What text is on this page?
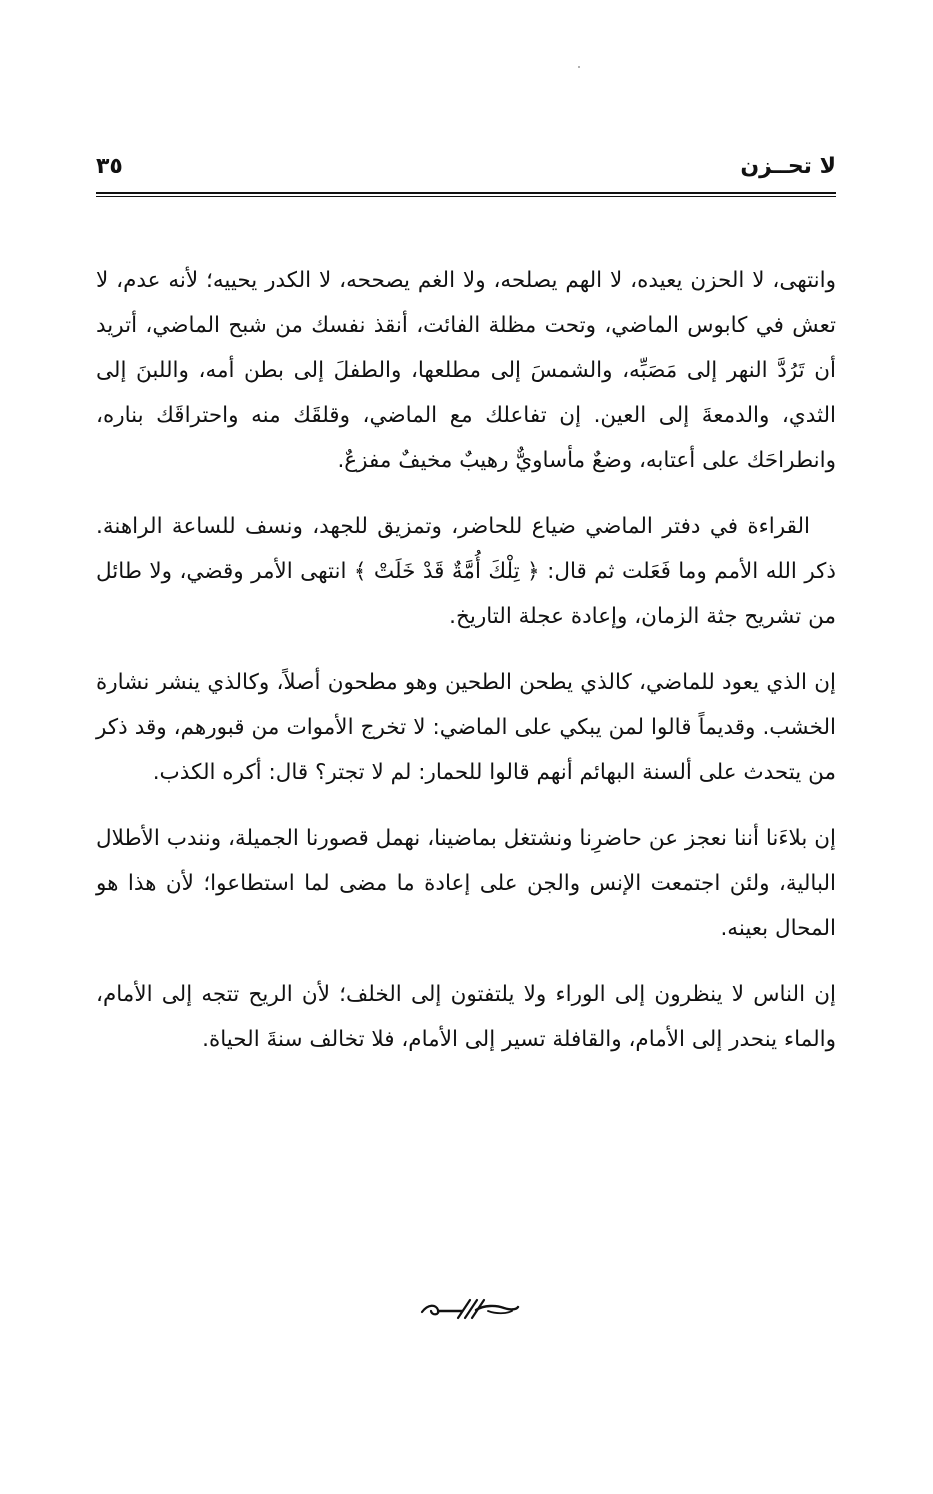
لا تحــزن
٣٥

وانتهى، لا الحزن يعيده، لا الهم يصلحه، ولا الغم يصححه، لا الكدر يحييه؛ لأنه عدم، لا تعش في كابوس الماضي، وتحت مظلة الفائت، أنقذ نفسك من شبح الماضي، أتريد أن تَرُدَّ النهر إلى مَصَبِّه، والشمسَ إلى مطلعها، والطفلَ إلى بطن أمه، واللبنَ إلى الثدي، والدمعةَ إلى العين. إن تفاعلك مع الماضي، وقلقَك منه واحتراقَك بناره، وانطراحَك على أعتابه، وضعٌ مأساويٌّ رهيبٌ مخيفٌ مفزعٌ.

القراءة في دفتر الماضي ضياع للحاضر، وتمزيق للجهد، ونسف للساعة الراهنة. ذكر الله الأمم وما فَعَلت ثم قال: ﴿ تِلْكَ أُمَّةٌ قَدْ خَلَتْ ﴾ انتهى الأمر وقضي، ولا طائل من تشريح جثة الزمان، وإعادة عجلة التاريخ.

إن الذي يعود للماضي، كالذي يطحن الطحين وهو مطحون أصلاً، وكالذي ينشر نشارة الخشب. وقديماً قالوا لمن يبكي على الماضي: لا تخرج الأموات من قبورهم، وقد ذكر من يتحدث على ألسنة البهائم أنهم قالوا للحمار: لم لا تجتر؟ قال: أكره الكذب.

إن بلاءَنا أننا نعجز عن حاضرِنا ونشتغل بماضينا، نهمل قصورنا الجميلة، ونندب الأطلال البالية، ولئن اجتمعت الإنس والجن على إعادة ما مضى لما استطاعوا؛ لأن هذا هو المحال بعينه.

إن الناس لا ينظرون إلى الوراء ولا يلتفتون إلى الخلف؛ لأن الريح تتجه إلى الأمام، والماء ينحدر إلى الأمام، والقافلة تسير إلى الأمام، فلا تخالف سنةَ الحياة.
